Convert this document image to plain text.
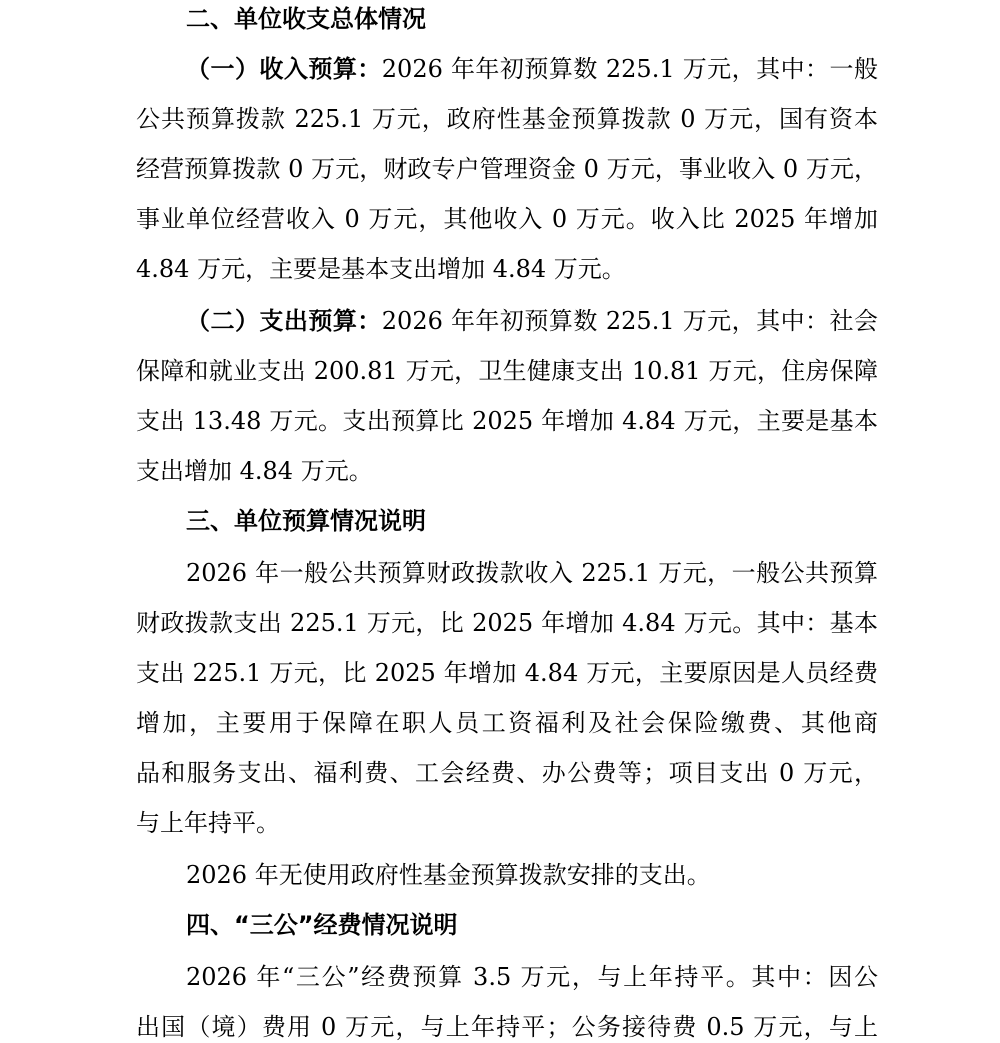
二、单位收支总体情况
（一）收入预算：2026 年年初预算数 225.1 万元，其中：一般
公共预算拨款 225.1 万元，政府性基金预算拨款 0 万元，国有资本
经营预算拨款 0 万元，财政专户管理资金 0 万元，事业收入 0 万元，
事业单位经营收入 0 万元，其他收入 0 万元。收入比 2025 年增加
4.84 万元，主要是基本支出增加 4.84 万元。
（二）支出预算：2026 年年初预算数 225.1 万元，其中：社会
保障和就业支出 200.81 万元，卫生健康支出 10.81 万元，住房保障
支出 13.48 万元。支出预算比 2025 年增加 4.84 万元，主要是基本
支出增加 4.84 万元。
三、单位预算情况说明
2026 年一般公共预算财政拨款收入 225.1 万元，一般公共预算
财政拨款支出 225.1 万元，比 2025 年增加 4.84 万元。其中：基本
支出 225.1 万元，比 2025 年增加 4.84 万元，主要原因是人员经费
增加，主要用于保障在职人员工资福利及社会保险缴费、其他商
品和服务支出、福利费、工会经费、办公费等；项目支出 0 万元，
与上年持平。
2026 年无使用政府性基金预算拨款安排的支出。
四、“三公”经费情况说明
2026 年“三公”经费预算 3.5 万元，与上年持平。其中：因公
出国（境）费用 0 万元，与上年持平；公务接待费 0.5 万元，与上
